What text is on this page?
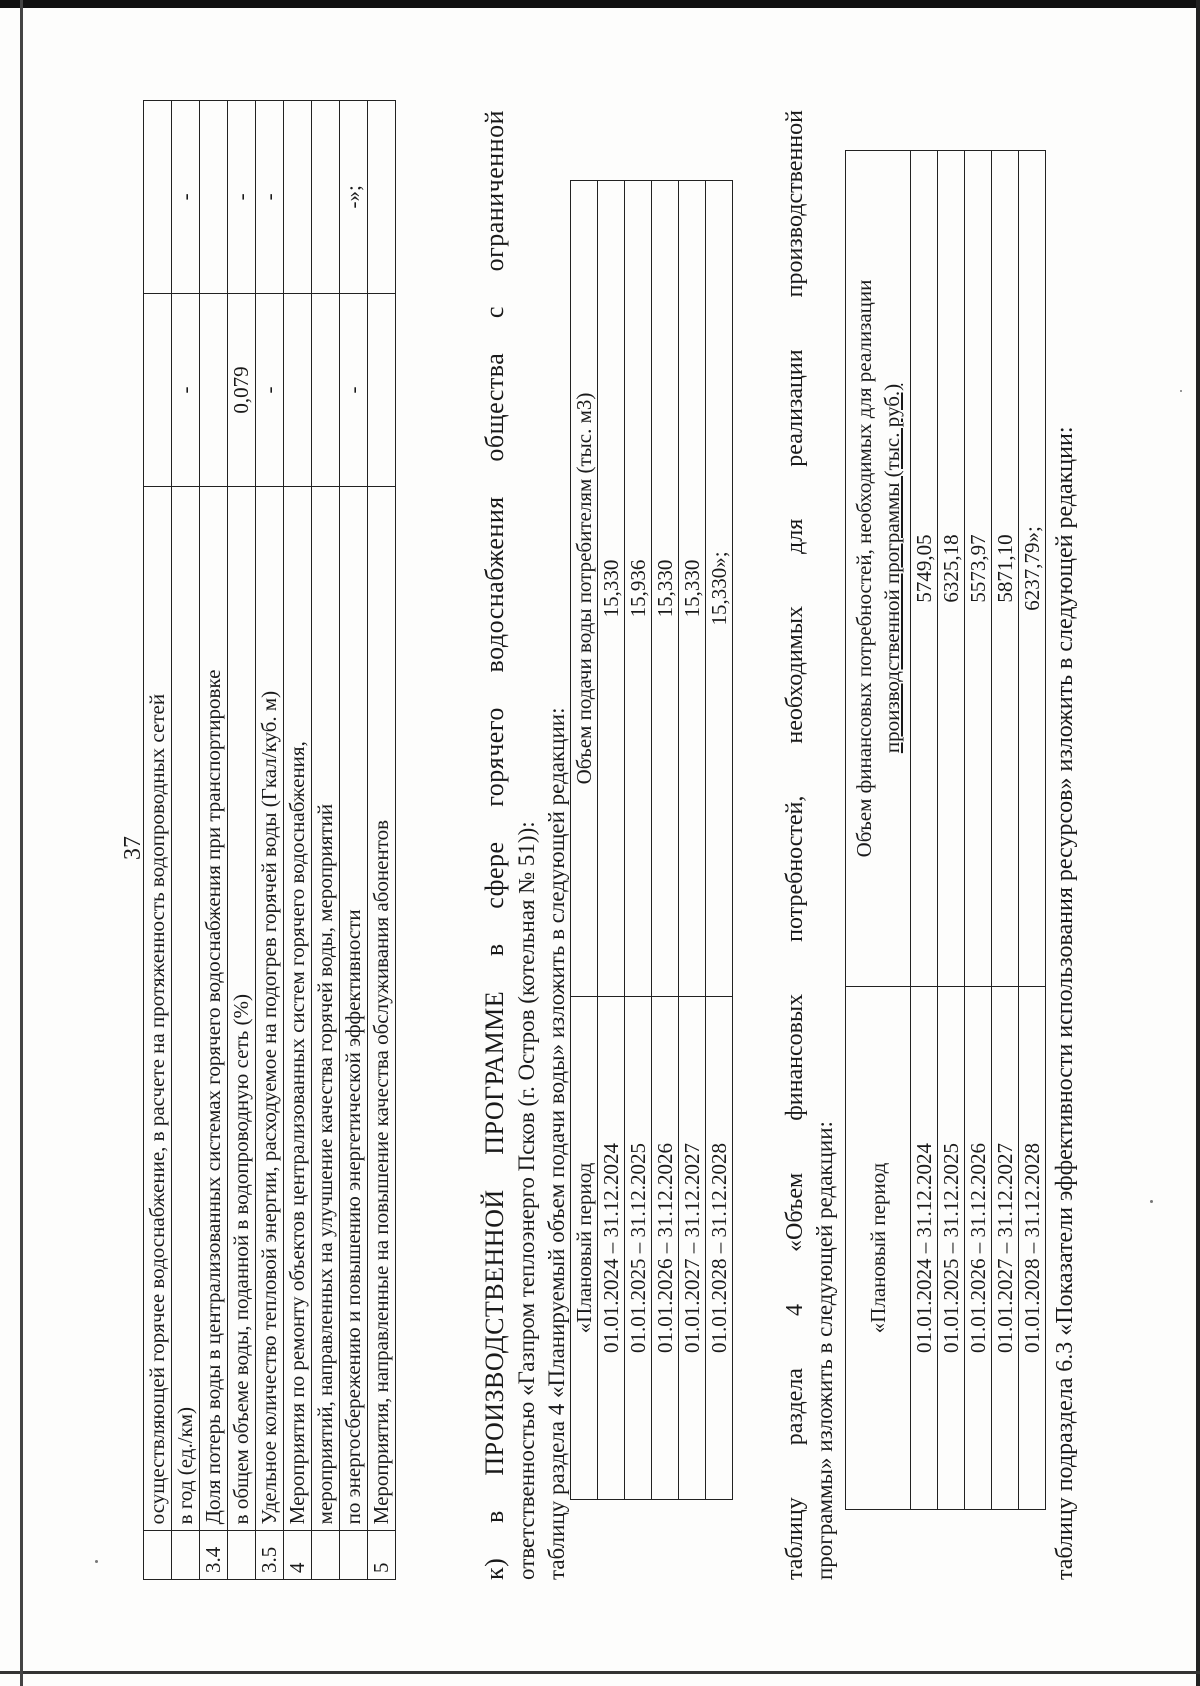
37
	осуществляющей горячее водоснабжение, в расчете на протяженность водопроводных сетей		
	в год (ед./км)	-	-
3.4	Доля потерь воды в централизованных системах горячего водоснабжения при транспортировке		
	в общем объеме воды, поданной в водопроводную сеть (%)	0,079	-
3.5	Удельное количество тепловой энергии, расходуемое на подогрев горячей воды (Гкал/куб. м)	-	-
4	Мероприятия по ремонту объектов централизованных систем горячего водоснабжения,		
	мероприятий, направленных на улучшение качества горячей воды, мероприятий		
	по энергосбережению и повышению энергетической эффективности	-	-»;
5	Мероприятия, направленные на повышение качества обслуживания абонентов			к) в ПРОИЗВОДСТВЕННОЙ ПРОГРАММЕ в сфере горячего водоснабжения общества с ограниченной ответственностью «Газпром теплоэнерго Псков (г. Остров (котельная № 51)): таблицу раздела 4 «Планируемый объем подачи воды» изложить в следующей редакции: «Плановый период	Объем подачи воды потребителям (тыс. м3)
01.01.2024 – 31.12.2024	15,330
01.01.2025 – 31.12.2025	15,936
01.01.2026 – 31.12.2026	15,330
01.01.2027 – 31.12.2027	15,330
01.01.2028 – 31.12.2028	15,330»; таблицу раздела 4 «Объем финансовых потребностей, необходимых для реализации производственной программы» изложить в следующей редакции: «Плановый период	Объем финансовых потребностей, необходимых для реализации производственной программы (тыс. руб.)

01.01.2024 – 31.12.2024	5749,05
01.01.2025 – 31.12.2025	6325,18
01.01.2026 – 31.12.2026	5573,97
01.01.2027 – 31.12.2027	5871,10
01.01.2028 – 31.12.2028	6237,79»; таблицу подраздела 6.3 «Показатели эффективности использования ресурсов» изложить в следующей редакции:
